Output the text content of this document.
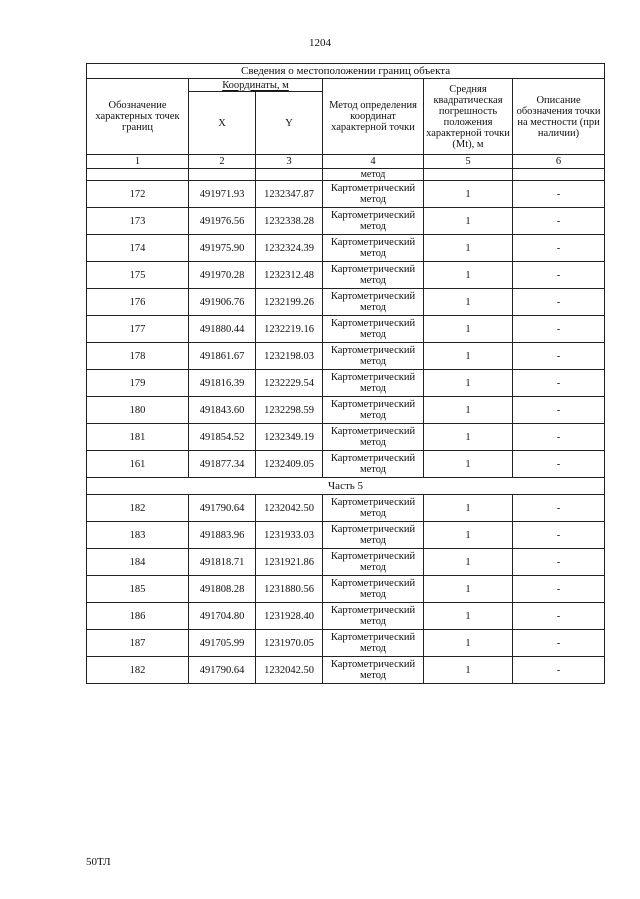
1204
Сведения о местоположении границ объекта					
Обозначение характерных точек границ	Координаты, м		Метод определения координат характерной точки	Средняя квадратическая погрешность положения характерной точки (Mt), м	Описание обозначения точки на местности (при наличии)
	X	Y			
1	2	3	4	5	6
			метод		
172	491971.93	1232347.87	Картометрический метод	1	-
173	491976.56	1232338.28	Картометрический метод	1	-
174	491975.90	1232324.39	Картометрический метод	1	-
175	491970.28	1232312.48	Картометрический метод	1	-
176	491906.76	1232199.26	Картометрический метод	1	-
177	491880.44	1232219.16	Картометрический метод	1	-
178	491861.67	1232198.03	Картометрический метод	1	-
179	491816.39	1232229.54	Картометрический метод	1	-
180	491843.60	1232298.59	Картометрический метод	1	-
181	491854.52	1232349.19	Картометрический метод	1	-
161	491877.34	1232409.05	Картометрический метод	1	-
Часть 5					
182	491790.64	1232042.50	Картометрический метод	1	-
183	491883.96	1231933.03	Картометрический метод	1	-
184	491818.71	1231921.86	Картометрический метод	1	-
185	491808.28	1231880.56	Картометрический метод	1	-
186	491704.80	1231928.40	Картометрический метод	1	-
187	491705.99	1231970.05	Картометрический метод	1	-
182	491790.64	1232042.50	Картометрический метод	1	-
50ТЛ
